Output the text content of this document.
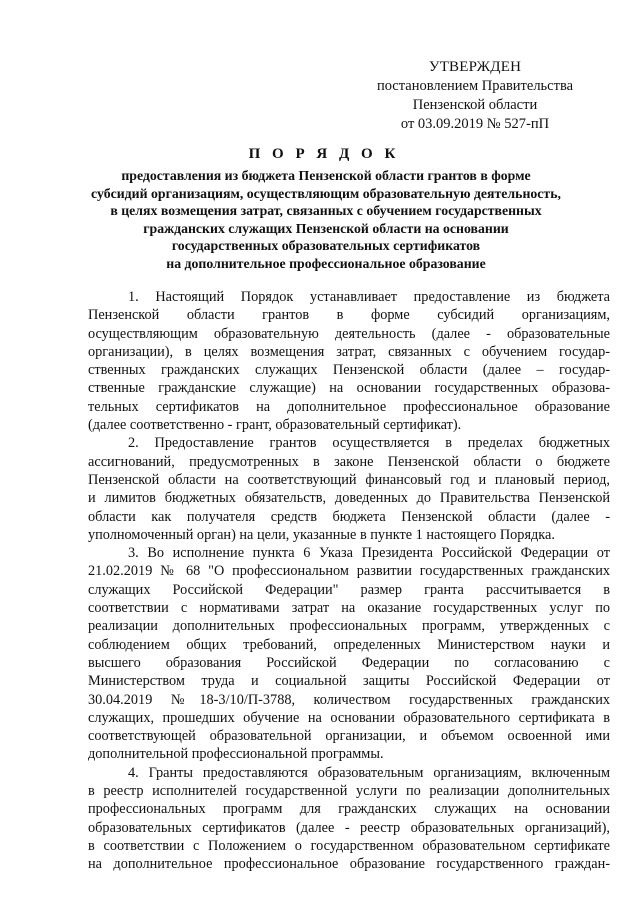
УТВЕРЖДЕН
постановлением Правительства
Пензенской области
от 03.09.2019 № 527-пП
П О Р Я Д О К
предоставления из бюджета Пензенской области грантов в форме
субсидий организациям, осуществляющим образовательную деятельность,
в целях возмещения затрат, связанных с обучением государственных
гражданских служащих Пензенской области на основании
государственных образовательных сертификатов
на дополнительное профессиональное образование
1. Настоящий Порядок устанавливает предоставление из бюджета
Пензенской области грантов в форме субсидий организациям,
осуществляющим образовательную деятельность (далее - образовательные
организации), в целях возмещения затрат, связанных с обучением государ-
ственных гражданских служащих Пензенской области (далее – государ-
ственные гражданские служащие) на основании государственных образова-
тельных сертификатов на дополнительное профессиональное образование
(далее соответственно - грант, образовательный сертификат).
2. Предоставление грантов осуществляется в пределах бюджетных
ассигнований, предусмотренных в законе Пензенской области о бюджете
Пензенской области на соответствующий финансовый год и плановый период,
и лимитов бюджетных обязательств, доведенных до Правительства Пензенской
области как получателя средств бюджета Пензенской области (далее -
уполномоченный орган) на цели, указанные в пункте 1 настоящего Порядка.
3. Во исполнение пункта 6 Указа Президента Российской Федерации от
21.02.2019 № 68 "О профессиональном развитии государственных гражданских
служащих Российской Федерации" размер гранта рассчитывается в
соответствии с нормативами затрат на оказание государственных услуг по
реализации дополнительных профессиональных программ, утвержденных с
соблюдением общих требований, определенных Министерством науки и
высшего образования Российской Федерации по согласованию с
Министерством труда и социальной защиты Российской Федерации от
30.04.2019 №18-3/10/П-3788, количеством государственных гражданских
служащих, прошедших обучение на основании образовательного сертификата в
соответствующей образовательной организации, и объемом освоенной ими
дополнительной профессиональной программы.
4. Гранты предоставляются образовательным организациям, включенным
в реестр исполнителей государственной услуги по реализации дополнительных
профессиональных программ для гражданских служащих на основании
образовательных сертификатов (далее - реестр образовательных организаций),
в соответствии с Положением о государственном образовательном сертификате
на дополнительное профессиональное образование государственного граждан-
